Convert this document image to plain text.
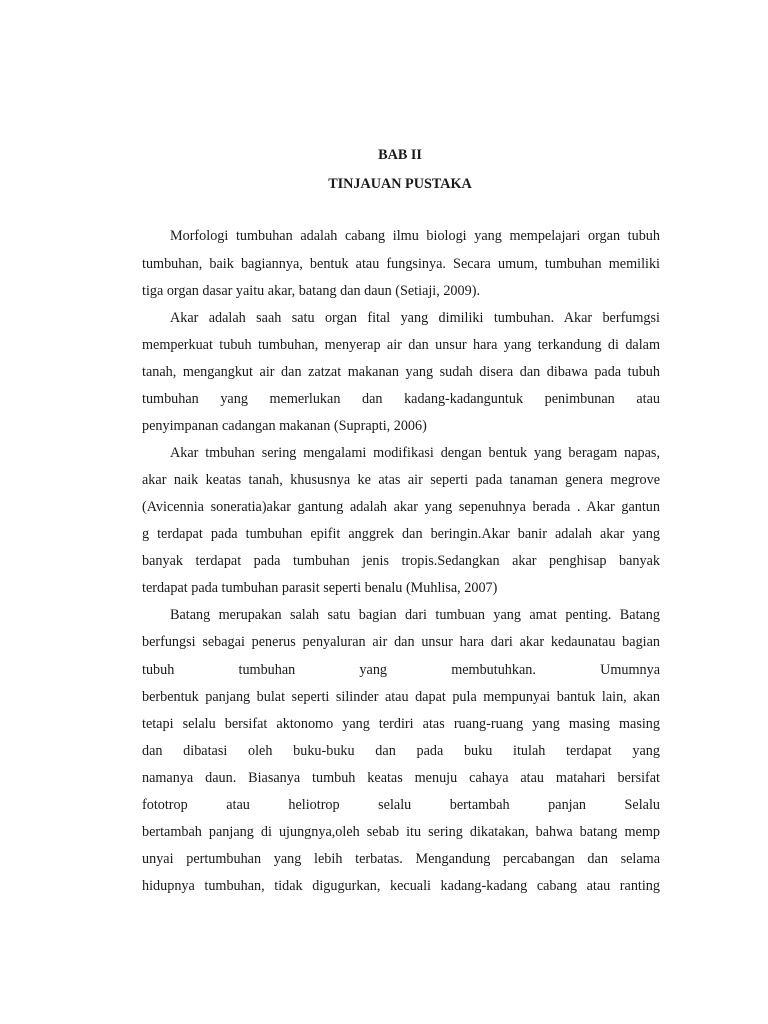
BAB II
TINJAUAN PUSTAKA
Morfologi tumbuhan adalah cabang ilmu biologi yang mempelajari organ tubuh
tumbuhan, baik bagiannya, bentuk atau fungsinya. Secara umum, tumbuhan memiliki
tiga organ dasar yaitu akar, batang dan daun (Setiaji, 2009).
Akar adalah saah satu organ fital yang dimiliki tumbuhan. Akar berfumgsi
memperkuat tubuh tumbuhan, menyerap air dan unsur hara yang terkandung di dalam
tanah, mengangkut air dan zatzat makanan yang sudah disera dan dibawa pada tubuh
tumbuhan yang memerlukan dan kadang-kadanguntuk penimbunan atau
penyimpanan cadangan makanan (Suprapti, 2006)
Akar tmbuhan sering mengalami modifikasi dengan bentuk yang beragam napas,
akar naik keatas tanah, khususnya ke atas air seperti pada tanaman genera megrove
(Avicennia soneratia)akar gantung adalah akar yang sepenuhnya berada . Akar gantun
g terdapat pada tumbuhan epifit anggrek dan beringin.Akar banir adalah akar yang
banyak terdapat pada tumbuhan jenis tropis.Sedangkan akar penghisap banyak
terdapat pada tumbuhan parasit seperti benalu (Muhlisa, 2007)
Batang merupakan salah satu bagian dari tumbuan yang amat penting. Batang
berfungsi sebagai penerus penyaluran air dan unsur hara dari akar kedaunatau bagian
tubuh tumbuhan yang membutuhkan. Umumnya
berbentuk panjang bulat seperti silinder atau dapat pula mempunyai bantuk lain, akan
tetapi selalu bersifat aktonomo yang terdiri atas ruang-ruang yang masing masing
dan dibatasi oleh buku-buku dan pada buku itulah terdapat yang
namanya daun. Biasanya tumbuh keatas menuju cahaya atau matahari bersifat
fototrop atau heliotrop selalu bertambah panjan Selalu
bertambah panjang di ujungnya,oleh sebab itu sering dikatakan, bahwa batang memp
unyai pertumbuhan yang lebih terbatas. Mengandung percabangan dan selama
hidupnya tumbuhan, tidak digugurkan, kecuali kadang-kadang cabang atau ranting
